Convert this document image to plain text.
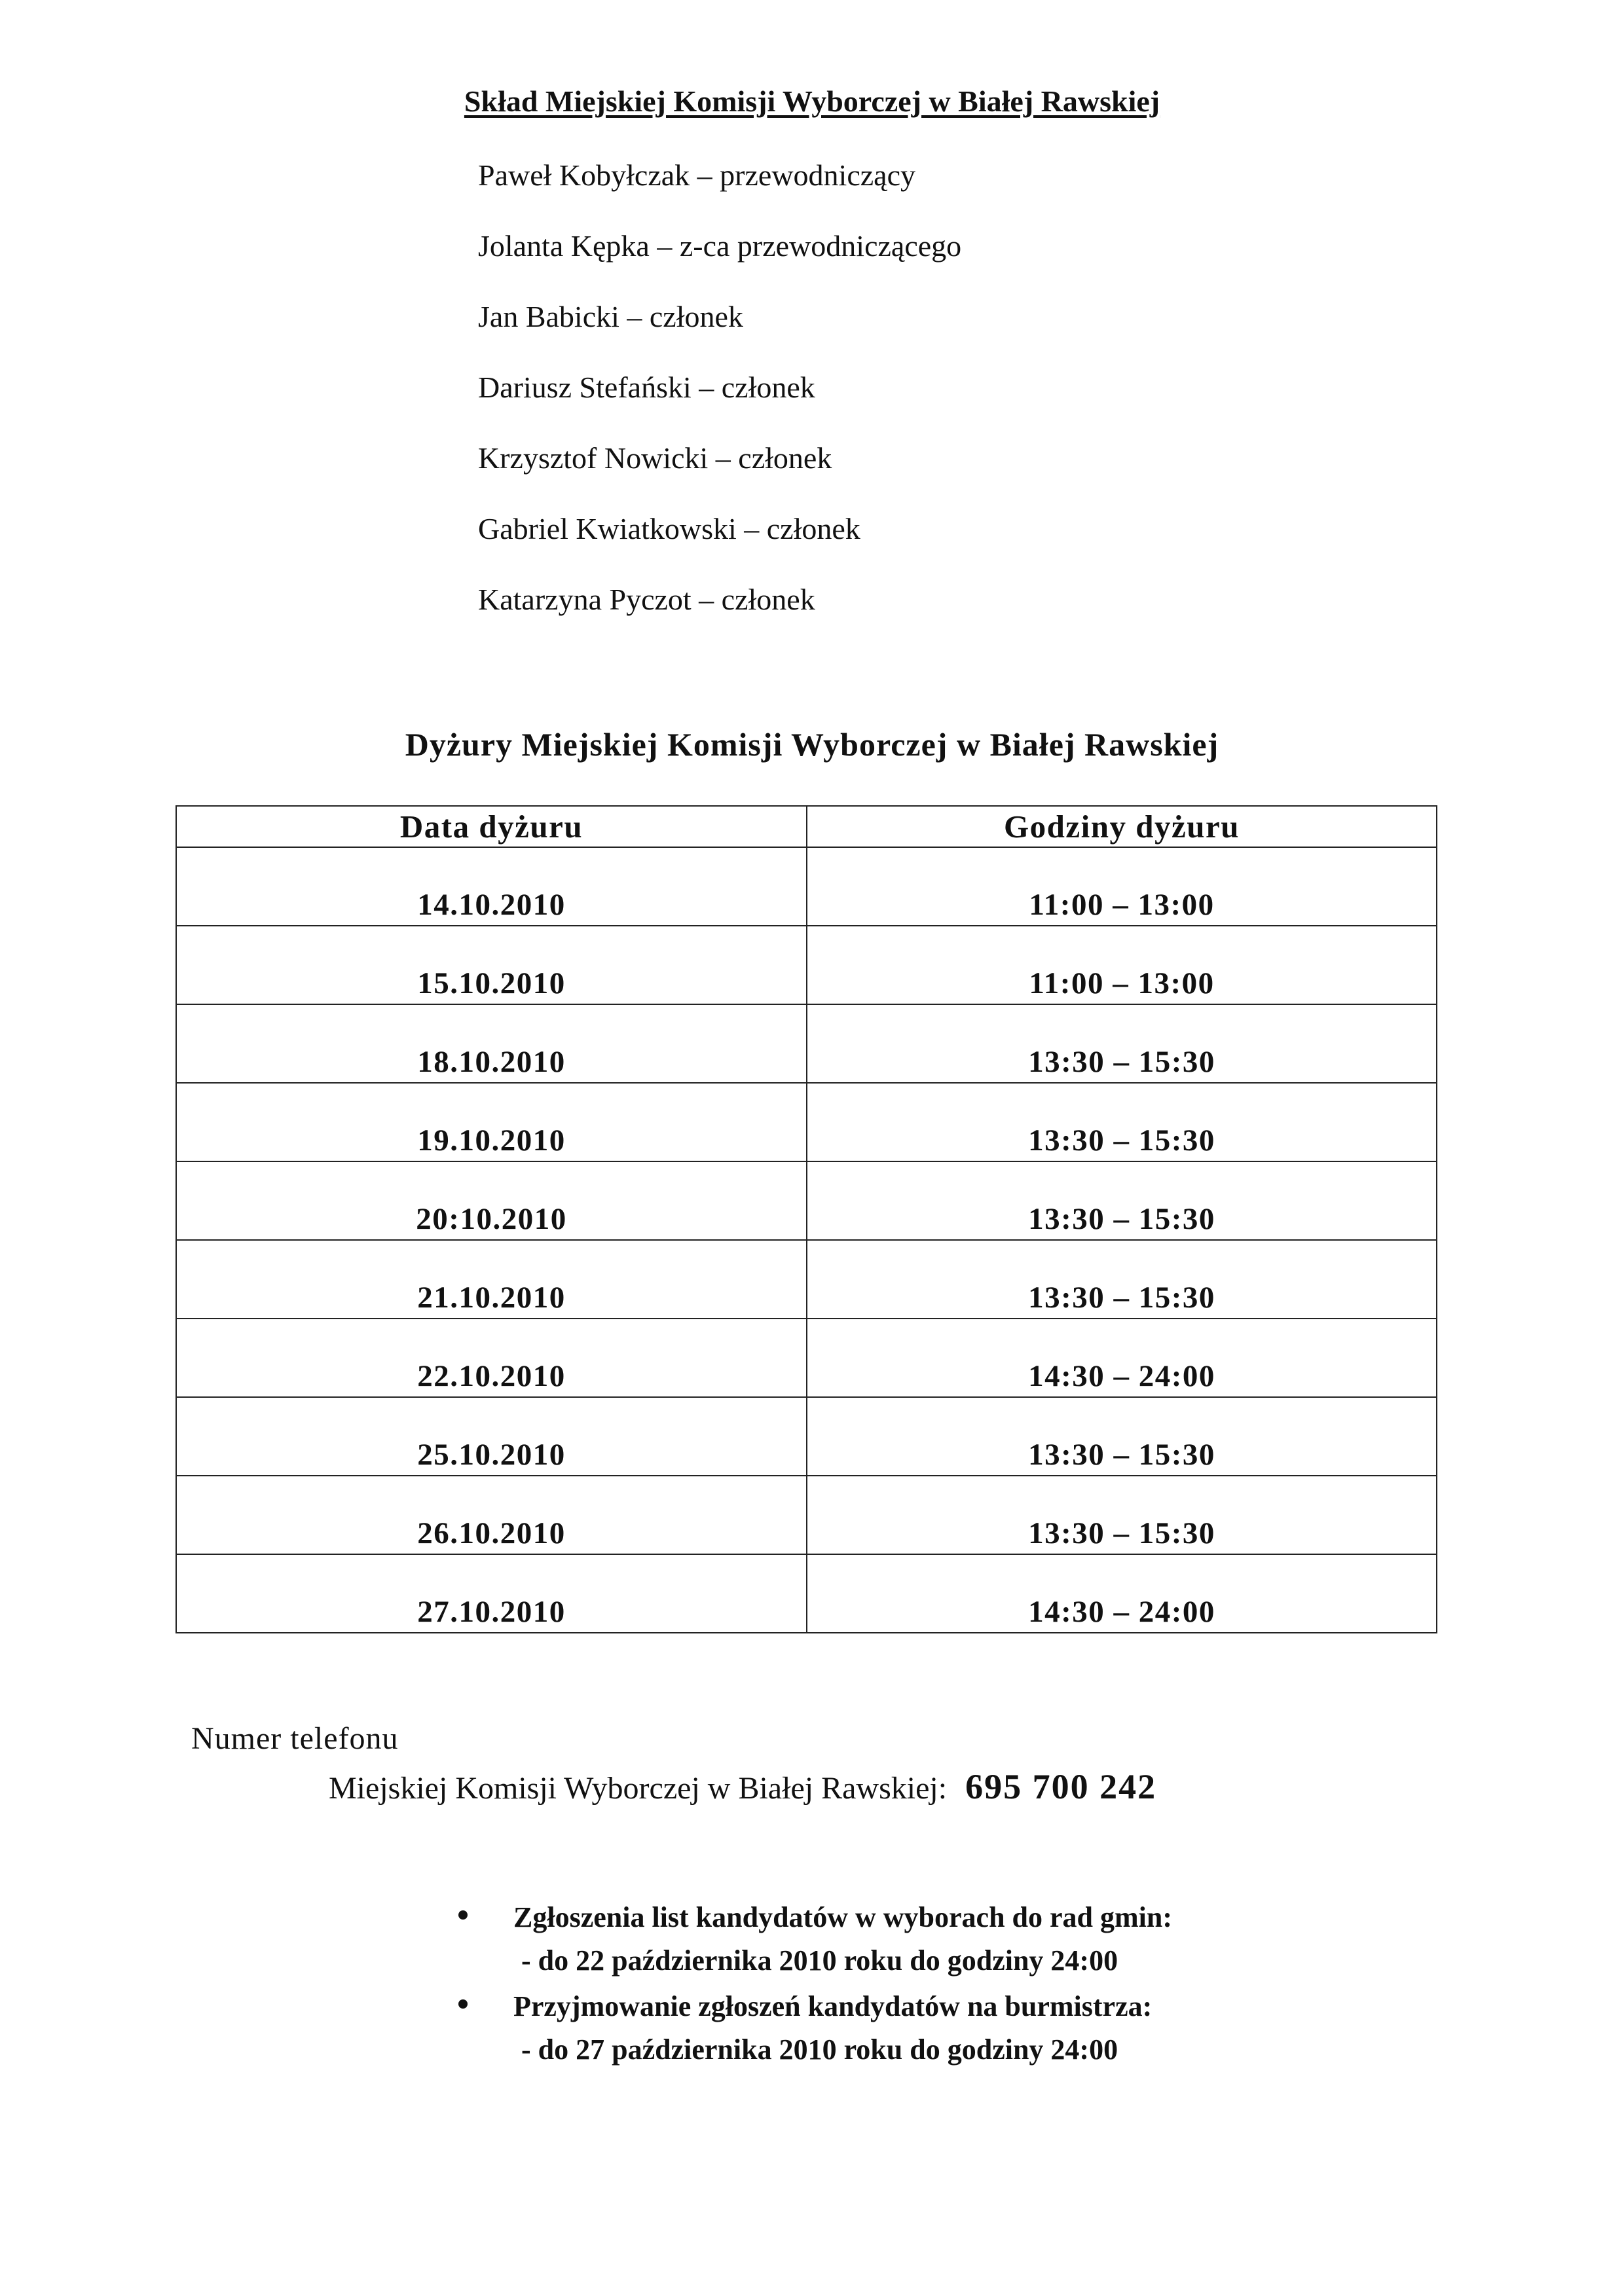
Skład Miejskiej Komisji Wyborczej w Białej Rawskiej
Paweł Kobyłczak – przewodniczący
Jolanta Kępka – z-ca przewodniczącego
Jan Babicki – członek
Dariusz Stefański – członek
Krzysztof Nowicki – członek
Gabriel Kwiatkowski – członek
Katarzyna Pyczot – członek
Dyżury Miejskiej Komisji Wyborczej w Białej Rawskiej
Data dyżuru	Godziny dyżuru
14.10.2010	11:00 – 13:00
15.10.2010	11:00 – 13:00
18.10.2010	13:30 – 15:30
19.10.2010	13:30 – 15:30
20:10.2010	13:30 – 15:30
21.10.2010	13:30 – 15:30
22.10.2010	14:30 – 24:00
25.10.2010	13:30 – 15:30
26.10.2010	13:30 – 15:30
27.10.2010	14:30 – 24:00
Numer telefonu
Miejskiej Komisji Wyborczej w Białej Rawskiej: 695 700 242
Zgłoszenia list kandydatów w wyborach do rad gmin:
- do 22 października 2010 roku do godziny 24:00
Przyjmowanie zgłoszeń kandydatów na burmistrza:
- do 27 października 2010 roku do godziny 24:00
